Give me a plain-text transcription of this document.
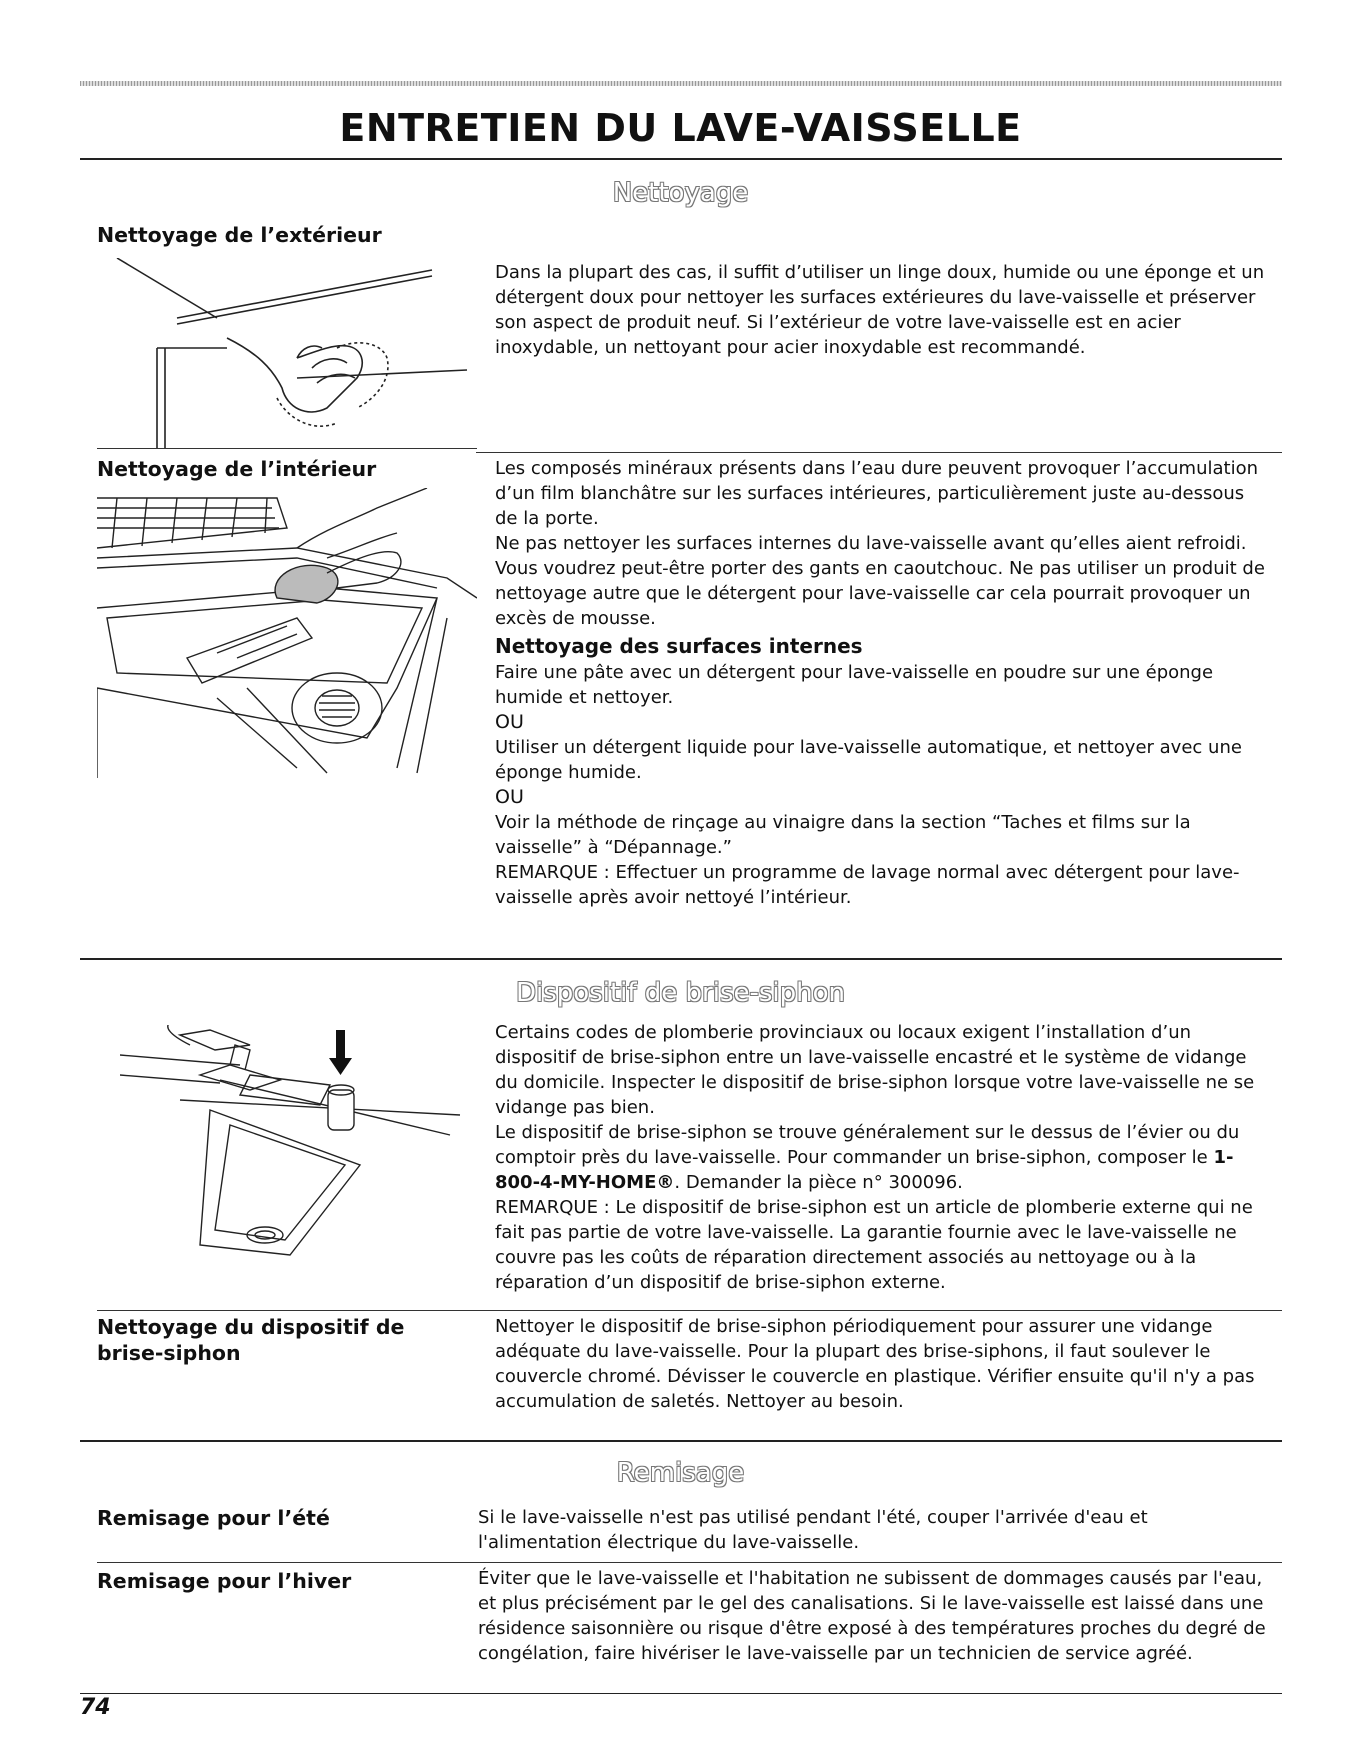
ENTRETIEN DU LAVE-VAISSELLE
Nettoyage
Nettoyage de l’extérieur
Dans la plupart des cas, il suffit d’utiliser un linge doux, humide ou une éponge et un détergent doux pour nettoyer les surfaces extérieures du lave-vaisselle et préserver son aspect de produit neuf. Si l’extérieur de votre lave-vaisselle est en acier inoxydable, un nettoyant pour acier inoxydable est recommandé.
Nettoyage de l’intérieur	Les composés minéraux présents dans l’eau dure peuvent provoquer l’accumulation d’un film blanchâtre sur les surfaces intérieures, particulièrement juste au-dessous de la porte.

Ne pas nettoyer les surfaces internes du lave-vaisselle avant qu’elles aient refroidi. Vous voudrez peut-être porter des gants en caoutchouc. Ne pas utiliser un produit de nettoyage autre que le détergent pour lave-vaisselle car cela pourrait provoquer un excès de mousse.

Nettoyage des surfaces internes

Faire une pâte avec un détergent pour lave-vaisselle en poudre sur une éponge humide et nettoyer.

OU

Utiliser un détergent liquide pour lave-vaisselle automatique, et nettoyer avec une éponge humide.

OU

Voir la méthode de rinçage au vinaigre dans la section “Taches et films sur la vaisselle” à “Dépannage.”

REMARQUE : Effectuer un programme de lavage normal avec détergent pour lave-vaisselle après avoir nettoyé l’intérieur.

Dispositif de brise-siphon

Certains codes de plomberie provinciaux ou locaux exigent l’installation d’un dispositif de brise-siphon entre un lave-vaisselle encastré et le système de vidange du domicile. Inspecter le dispositif de brise-siphon lorsque votre lave-vaisselle ne se vidange pas bien.

Le dispositif de brise-siphon se trouve généralement sur le dessus de l’évier ou du comptoir près du lave-vaisselle. Pour commander un brise-siphon, composer le 1-800-4-MY-HOME®. Demander la pièce n° 300096.

REMARQUE : Le dispositif de brise-siphon est un article de plomberie externe qui ne fait pas partie de votre lave-vaisselle. La garantie fournie avec le lave-vaisselle ne couvre pas les coûts de réparation directement associés au nettoyage ou à la réparation d’un dispositif de brise-siphon externe.

Nettoyage du dispositif de brise-siphon
Nettoyer le dispositif de brise-siphon périodiquement pour assurer une vidange adéquate du lave-vaisselle. Pour la plupart des brise-siphons, il faut soulever le couvercle chromé. Dévisser le couvercle en plastique. Vérifier ensuite qu'il n'y a pas accumulation de saletés. Nettoyer au besoin.
Remisage
Remisage pour l’été	Si le lave-vaisselle n'est pas utilisé pendant l'été, couper l'arrivée d'eau et l'alimentation électrique du lave-vaisselle.
Remisage pour l’hiver	Éviter que le lave-vaisselle et l'habitation ne subissent de dommages causés par l'eau, et plus précisément par le gel des canalisations. Si le lave-vaisselle est laissé dans une résidence saisonnière ou risque d'être exposé à des températures proches du degré de congélation, faire hivériser le lave-vaisselle par un technicien de service agréé.
74
